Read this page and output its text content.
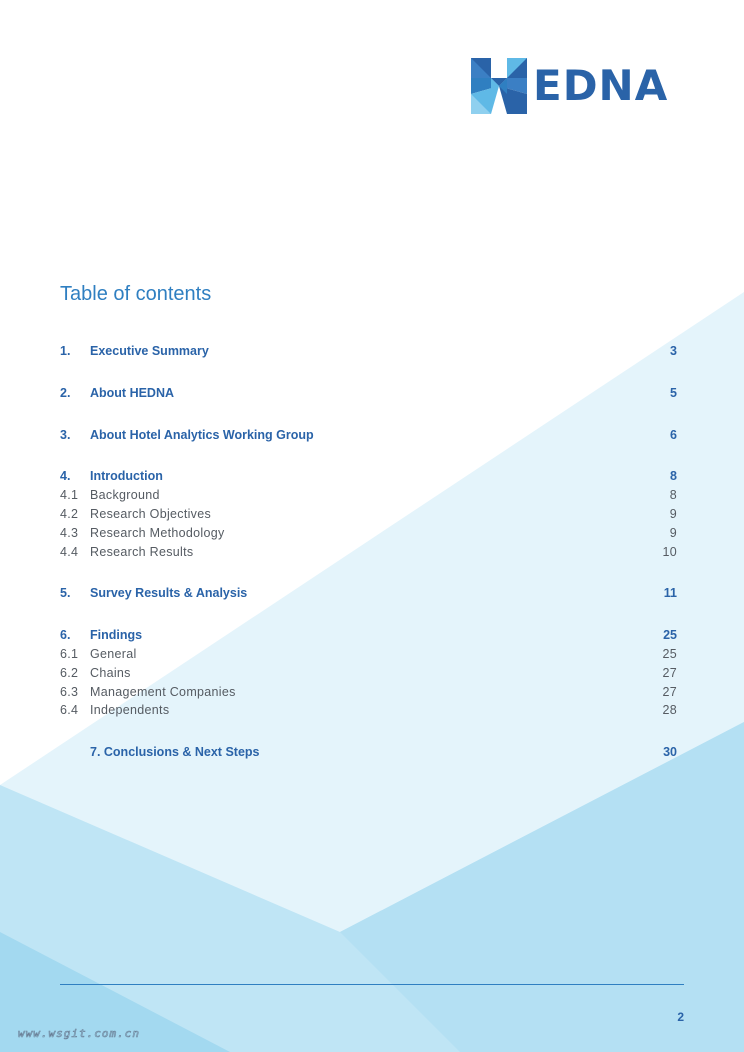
EDNA
Table of contents
1.	Executive Summary	3
2.	About HEDNA	5
3.	About Hotel Analytics Working Group	6
4.	Introduction	8
4.1 Background	8
4.2 Research Objectives	9
4.3 Research Methodology	9
4.4 Research Results	10
5.	Survey Results & Analysis	11
6.	Findings	25
6.1 General	25
6.2 Chains	27
6.3 Management Companies	27
6.4 Independents	28
7. Conclusions & Next Steps	30
2
www.wsgit.com.cn
